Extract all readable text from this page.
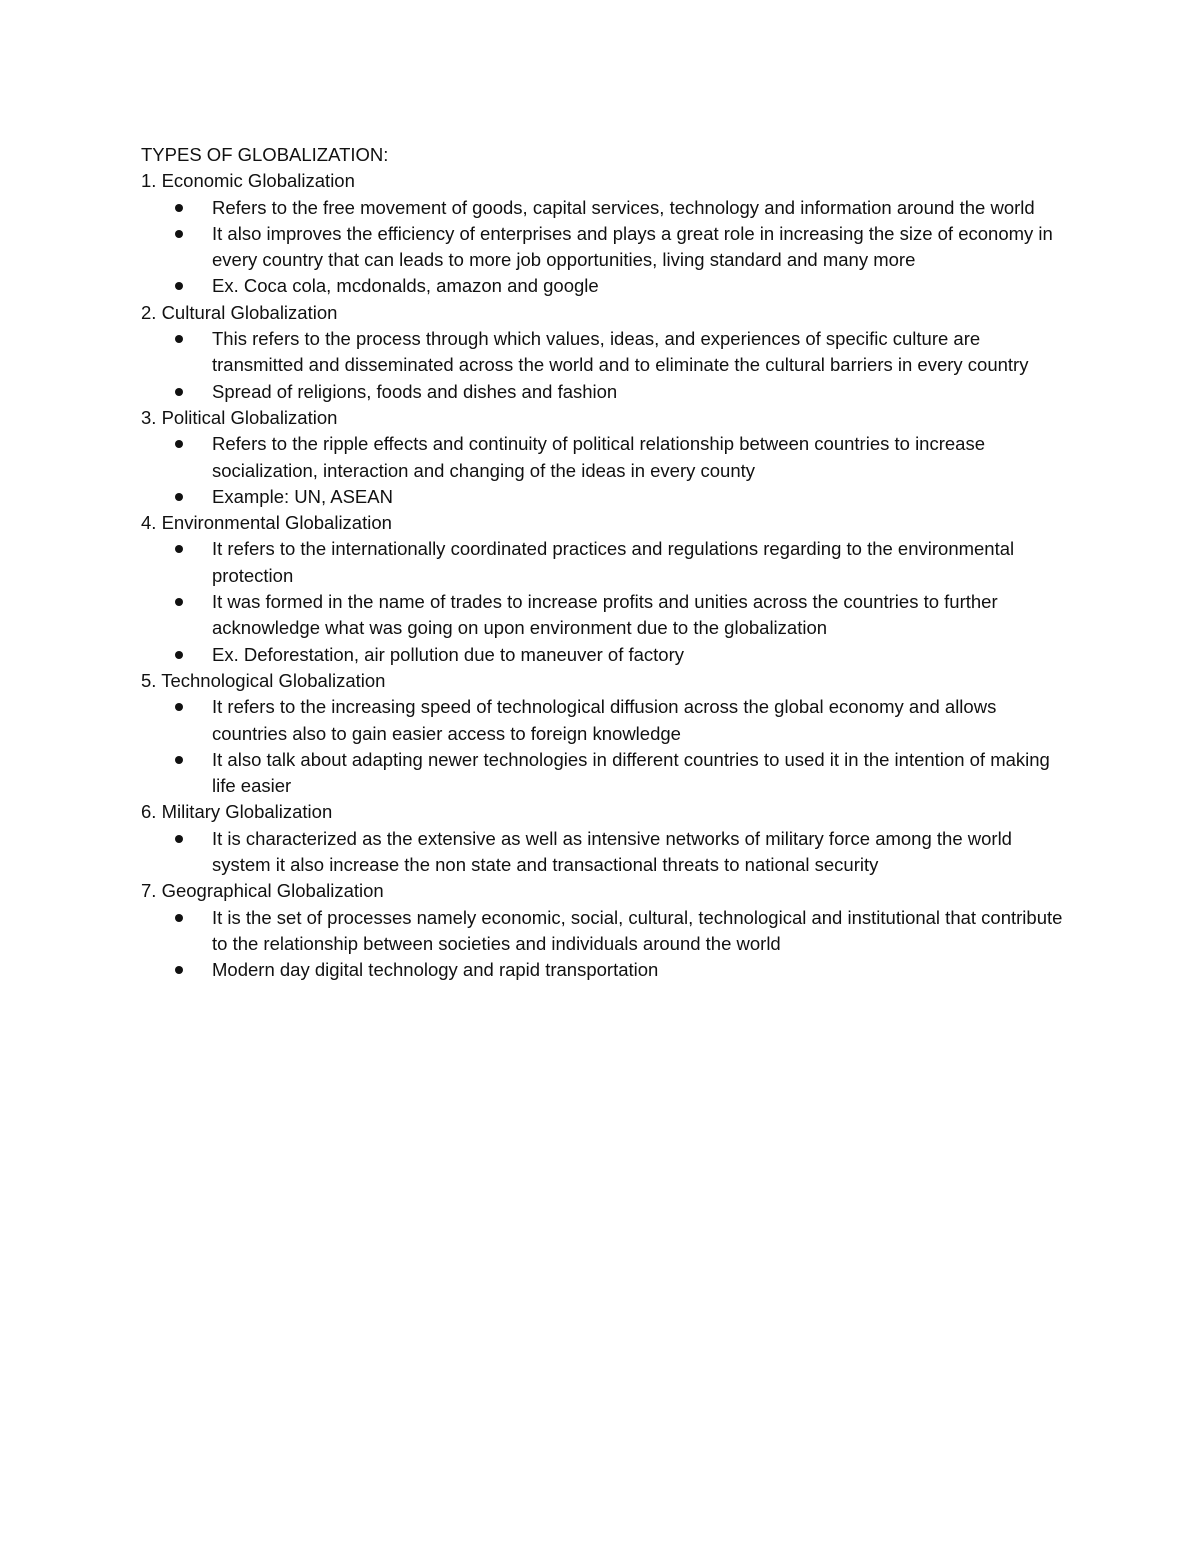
TYPES OF GLOBALIZATION:
1. Economic Globalization
Refers to the free movement of goods, capital services, technology and information around the world
It also improves the efficiency of enterprises and plays a great role in increasing the size of economy in every country that can leads to more job opportunities, living standard and many more
Ex. Coca cola, mcdonalds, amazon and google
2. Cultural Globalization
This refers to the process through which values, ideas, and experiences of specific culture are transmitted and disseminated across the world and to eliminate the cultural barriers in every country
Spread of religions, foods and dishes and fashion
3. Political Globalization
Refers to the ripple effects and continuity of political relationship between countries to increase socialization, interaction and changing of the ideas in every county
Example: UN, ASEAN
4. Environmental Globalization
It refers to the internationally coordinated practices and regulations regarding to the environmental protection
It was formed in the name of trades to increase profits and unities across the countries to further acknowledge what was going on upon environment due to the globalization
Ex. Deforestation, air pollution due to maneuver of factory
5. Technological Globalization
It refers to the increasing speed of technological diffusion across the global economy and allows countries also to gain easier access to foreign knowledge
It also talk about adapting newer technologies in different countries to used it in the intention of making life easier
6. Military Globalization
It is characterized as the extensive as well as intensive networks of military force among the world system it also increase the non state and transactional threats to national security
7. Geographical Globalization
It is the set of processes namely economic, social, cultural, technological and institutional that contribute to the relationship between societies and individuals around the world
Modern day digital technology and rapid transportation
